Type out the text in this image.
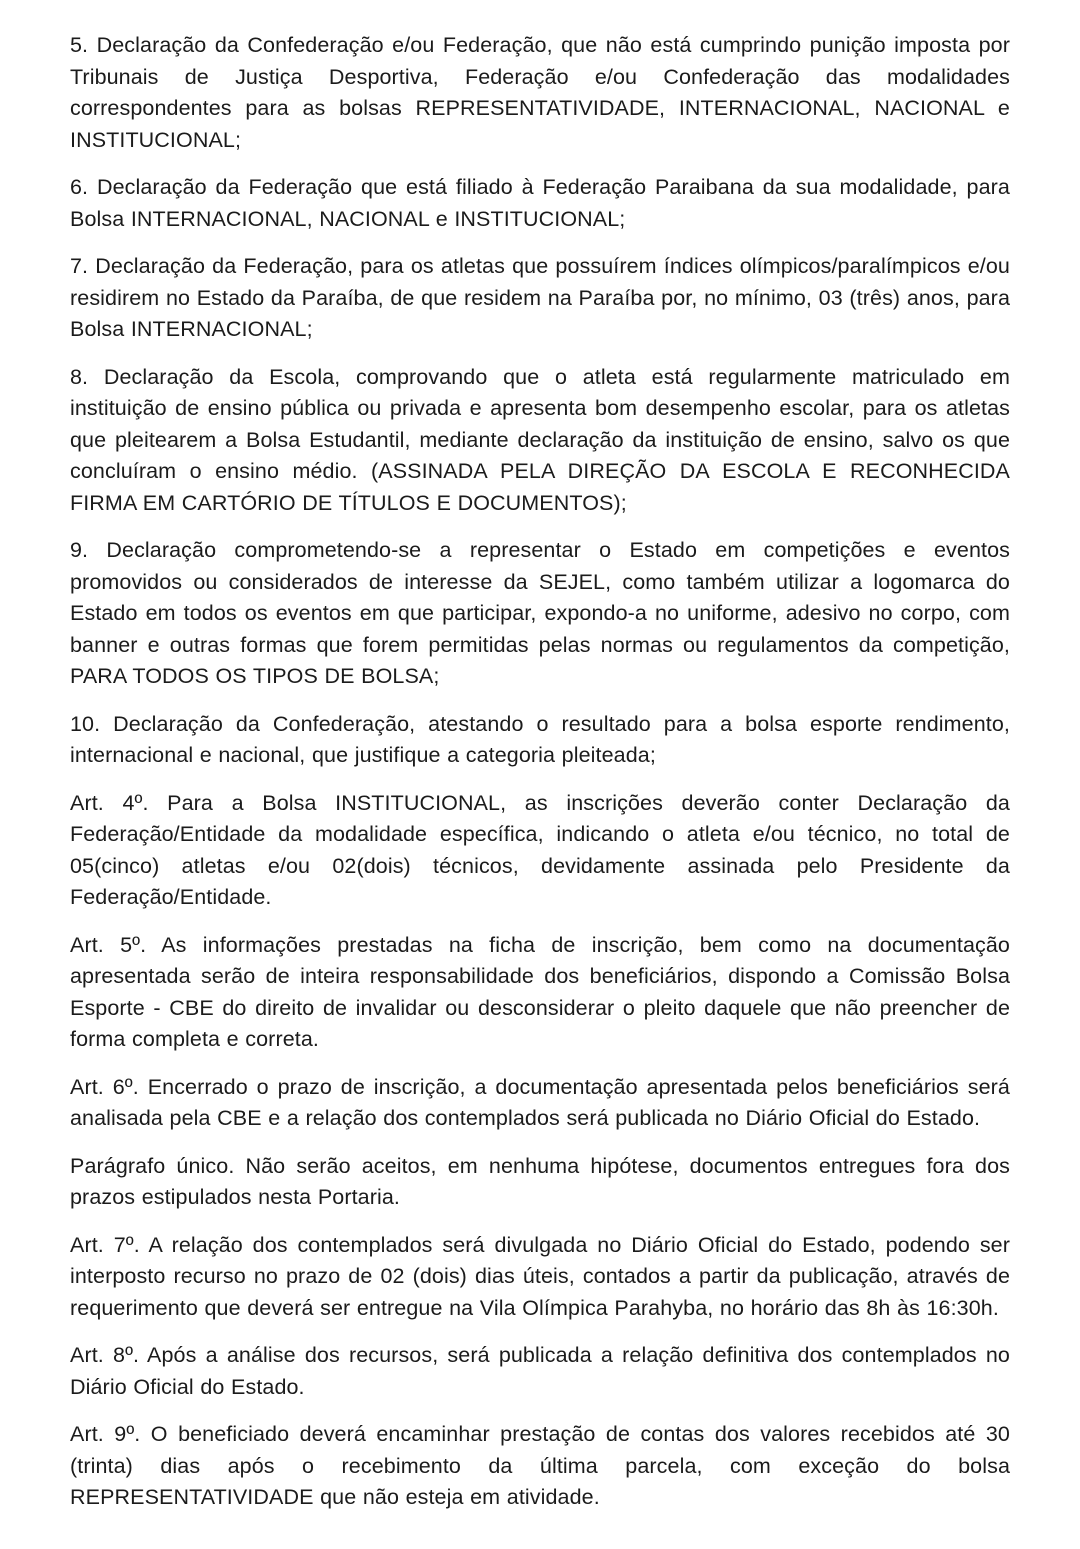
5. Declaração da Confederação e/ou Federação, que não está cumprindo punição imposta por Tribunais de Justiça Desportiva, Federação e/ou Confederação das modalidades correspondentes para as bolsas REPRESENTATIVIDADE, INTERNACIONAL, NACIONAL e INSTITUCIONAL;

6. Declaração da Federação que está filiado à Federação Paraibana da sua modalidade, para Bolsa INTERNACIONAL, NACIONAL e INSTITUCIONAL;

7. Declaração da Federação, para os atletas que possuírem índices olímpicos/paralímpicos e/ou residirem no Estado da Paraíba, de que residem na Paraíba por, no mínimo, 03 (três) anos, para Bolsa INTERNACIONAL;

8. Declaração da Escola, comprovando que o atleta está regularmente matriculado em instituição de ensino pública ou privada e apresenta bom desempenho escolar, para os atletas que pleitearem a Bolsa Estudantil, mediante declaração da instituição de ensino, salvo os que concluíram o ensino médio. (ASSINADA PELA DIREÇÃO DA ESCOLA E RECONHECIDA FIRMA EM CARTÓRIO DE TÍTULOS E DOCUMENTOS);

9. Declaração comprometendo-se a representar o Estado em competições e eventos promovidos ou considerados de interesse da SEJEL, como também utilizar a logomarca do Estado em todos os eventos em que participar, expondo-a no uniforme, adesivo no corpo, com banner e outras formas que forem permitidas pelas normas ou regulamentos da competição, PARA TODOS OS TIPOS DE BOLSA;

10. Declaração da Confederação, atestando o resultado para a bolsa esporte rendimento, internacional e nacional, que justifique a categoria pleiteada;

Art. 4º. Para a Bolsa INSTITUCIONAL, as inscrições deverão conter Declaração da Federação/Entidade da modalidade específica, indicando o atleta e/ou técnico, no total de 05(cinco) atletas e/ou 02(dois) técnicos, devidamente assinada pelo Presidente da Federação/Entidade.

Art. 5º. As informações prestadas na ficha de inscrição, bem como na documentação apresentada serão de inteira responsabilidade dos beneficiários, dispondo a Comissão Bolsa Esporte - CBE do direito de invalidar ou desconsiderar o pleito daquele que não preencher de forma completa e correta.

Art. 6º. Encerrado o prazo de inscrição, a documentação apresentada pelos beneficiários será analisada pela CBE e a relação dos contemplados será publicada no Diário Oficial do Estado.

Parágrafo único. Não serão aceitos, em nenhuma hipótese, documentos entregues fora dos prazos estipulados nesta Portaria.

Art. 7º. A relação dos contemplados será divulgada no Diário Oficial do Estado, podendo ser interposto recurso no prazo de 02 (dois) dias úteis, contados a partir da publicação, através de requerimento que deverá ser entregue na Vila Olímpica Parahyba, no horário das 8h às 16:30h.

Art. 8º. Após a análise dos recursos, será publicada a relação definitiva dos contemplados no Diário Oficial do Estado.

Art. 9º. O beneficiado deverá encaminhar prestação de contas dos valores recebidos até 30 (trinta) dias após o recebimento da última parcela, com exceção do bolsa REPRESENTATIVIDADE que não esteja em atividade.
